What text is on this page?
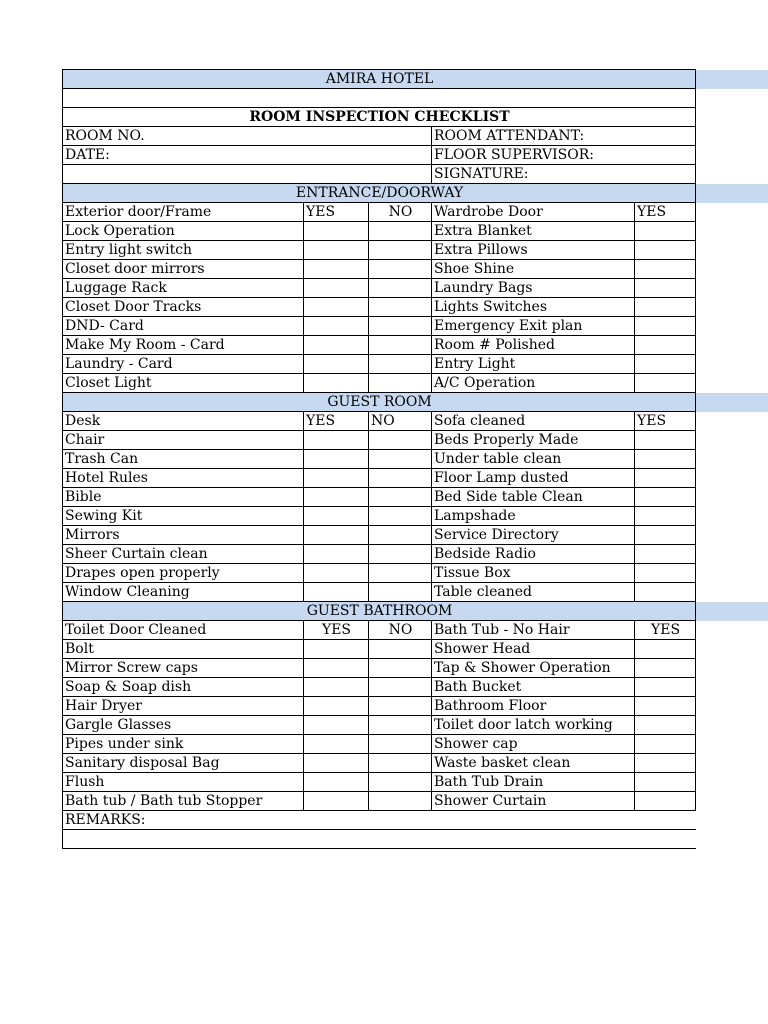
AMIRA HOTEL					

ROOM INSPECTION CHECKLIST					
ROOM NO.			ROOM ATTENDANT:		
DATE:			FLOOR SUPERVISOR:		
			SIGNATURE:		
ENTRANCE/DOORWAY					
Exterior door/Frame	YES	NO	Wardrobe Door	YES	
Lock Operation			Extra Blanket		
Entry light switch			Extra Pillows		
Closet door mirrors			Shoe Shine		
Luggage Rack			Laundry Bags		
Closet Door Tracks			Lights Switches		
DND- Card			Emergency Exit plan		
Make My Room - Card			Room # Polished		
Laundry - Card			Entry Light		
Closet Light			A/C Operation		
GUEST ROOM					
Desk	YES	NO	Sofa cleaned	YES	
Chair			Beds Properly Made		
Trash Can			Under table clean		
Hotel Rules			Floor Lamp dusted		
Bible			Bed Side table Clean		
Sewing Kit			Lampshade		
Mirrors			Service Directory		
Sheer Curtain clean			Bedside Radio		
Drapes open properly			Tissue Box		
Window Cleaning			Table cleaned		
GUEST BATHROOM					
Toilet Door Cleaned	YES	NO	Bath Tub - No Hair	YES	
Bolt			Shower Head		
Mirror Screw caps			Tap & Shower Operation		
Soap & Soap dish			Bath Bucket		
Hair Dryer			Bathroom Floor		
Gargle Glasses			Toilet door latch working		
Pipes under sink			Shower cap		
Sanitary disposal Bag			Waste basket clean		
Flush			Bath Tub Drain		
Bath tub / Bath tub Stopper			Shower Curtain		
REMARKS:					
